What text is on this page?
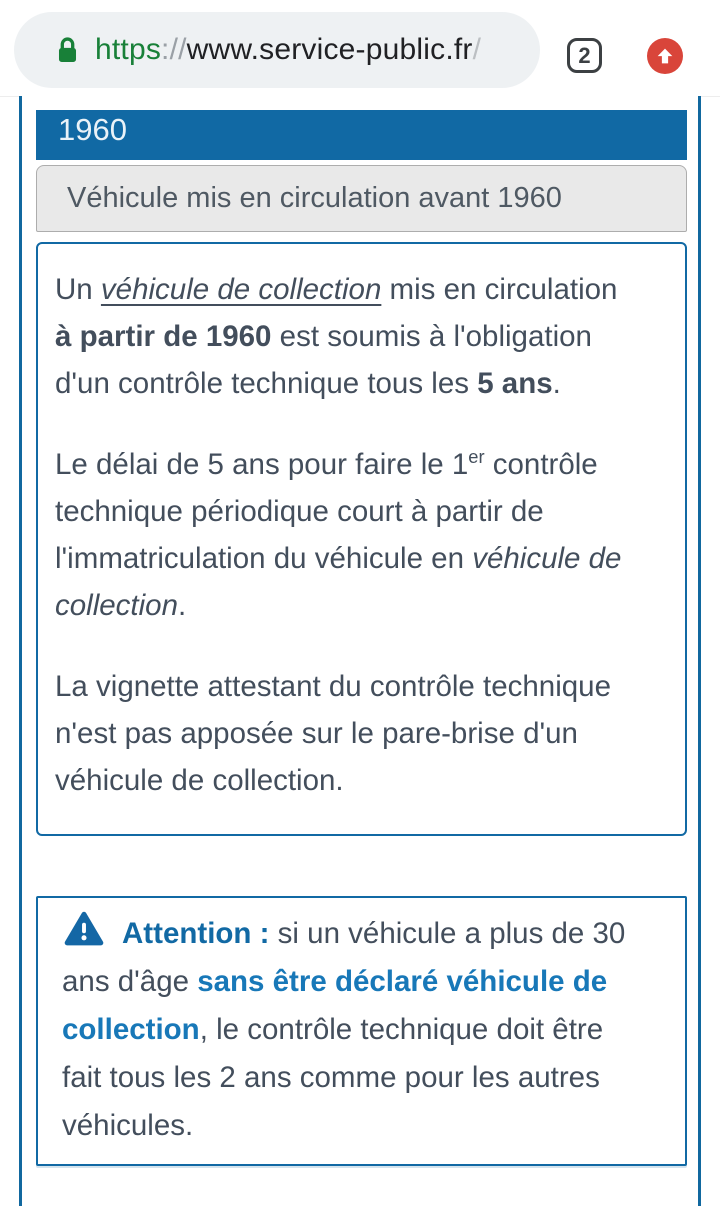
https://www.service-public.fr/	2
1960
Véhicule mis en circulation avant 1960
Un véhicule de collection mis en circulation
à partir de 1960 est soumis à l'obligation
d'un contrôle technique tous les 5 ans.
Le délai de 5 ans pour faire le 1er contrôle
technique périodique court à partir de
l'immatriculation du véhicule en véhicule de
collection.
La vignette attestant du contrôle technique
n'est pas apposée sur le pare-brise d'un
véhicule de collection.
Attention : si un véhicule a plus de 30
ans d'âge sans être déclaré véhicule de
collection, le contrôle technique doit être
fait tous les 2 ans comme pour les autres
véhicules.
